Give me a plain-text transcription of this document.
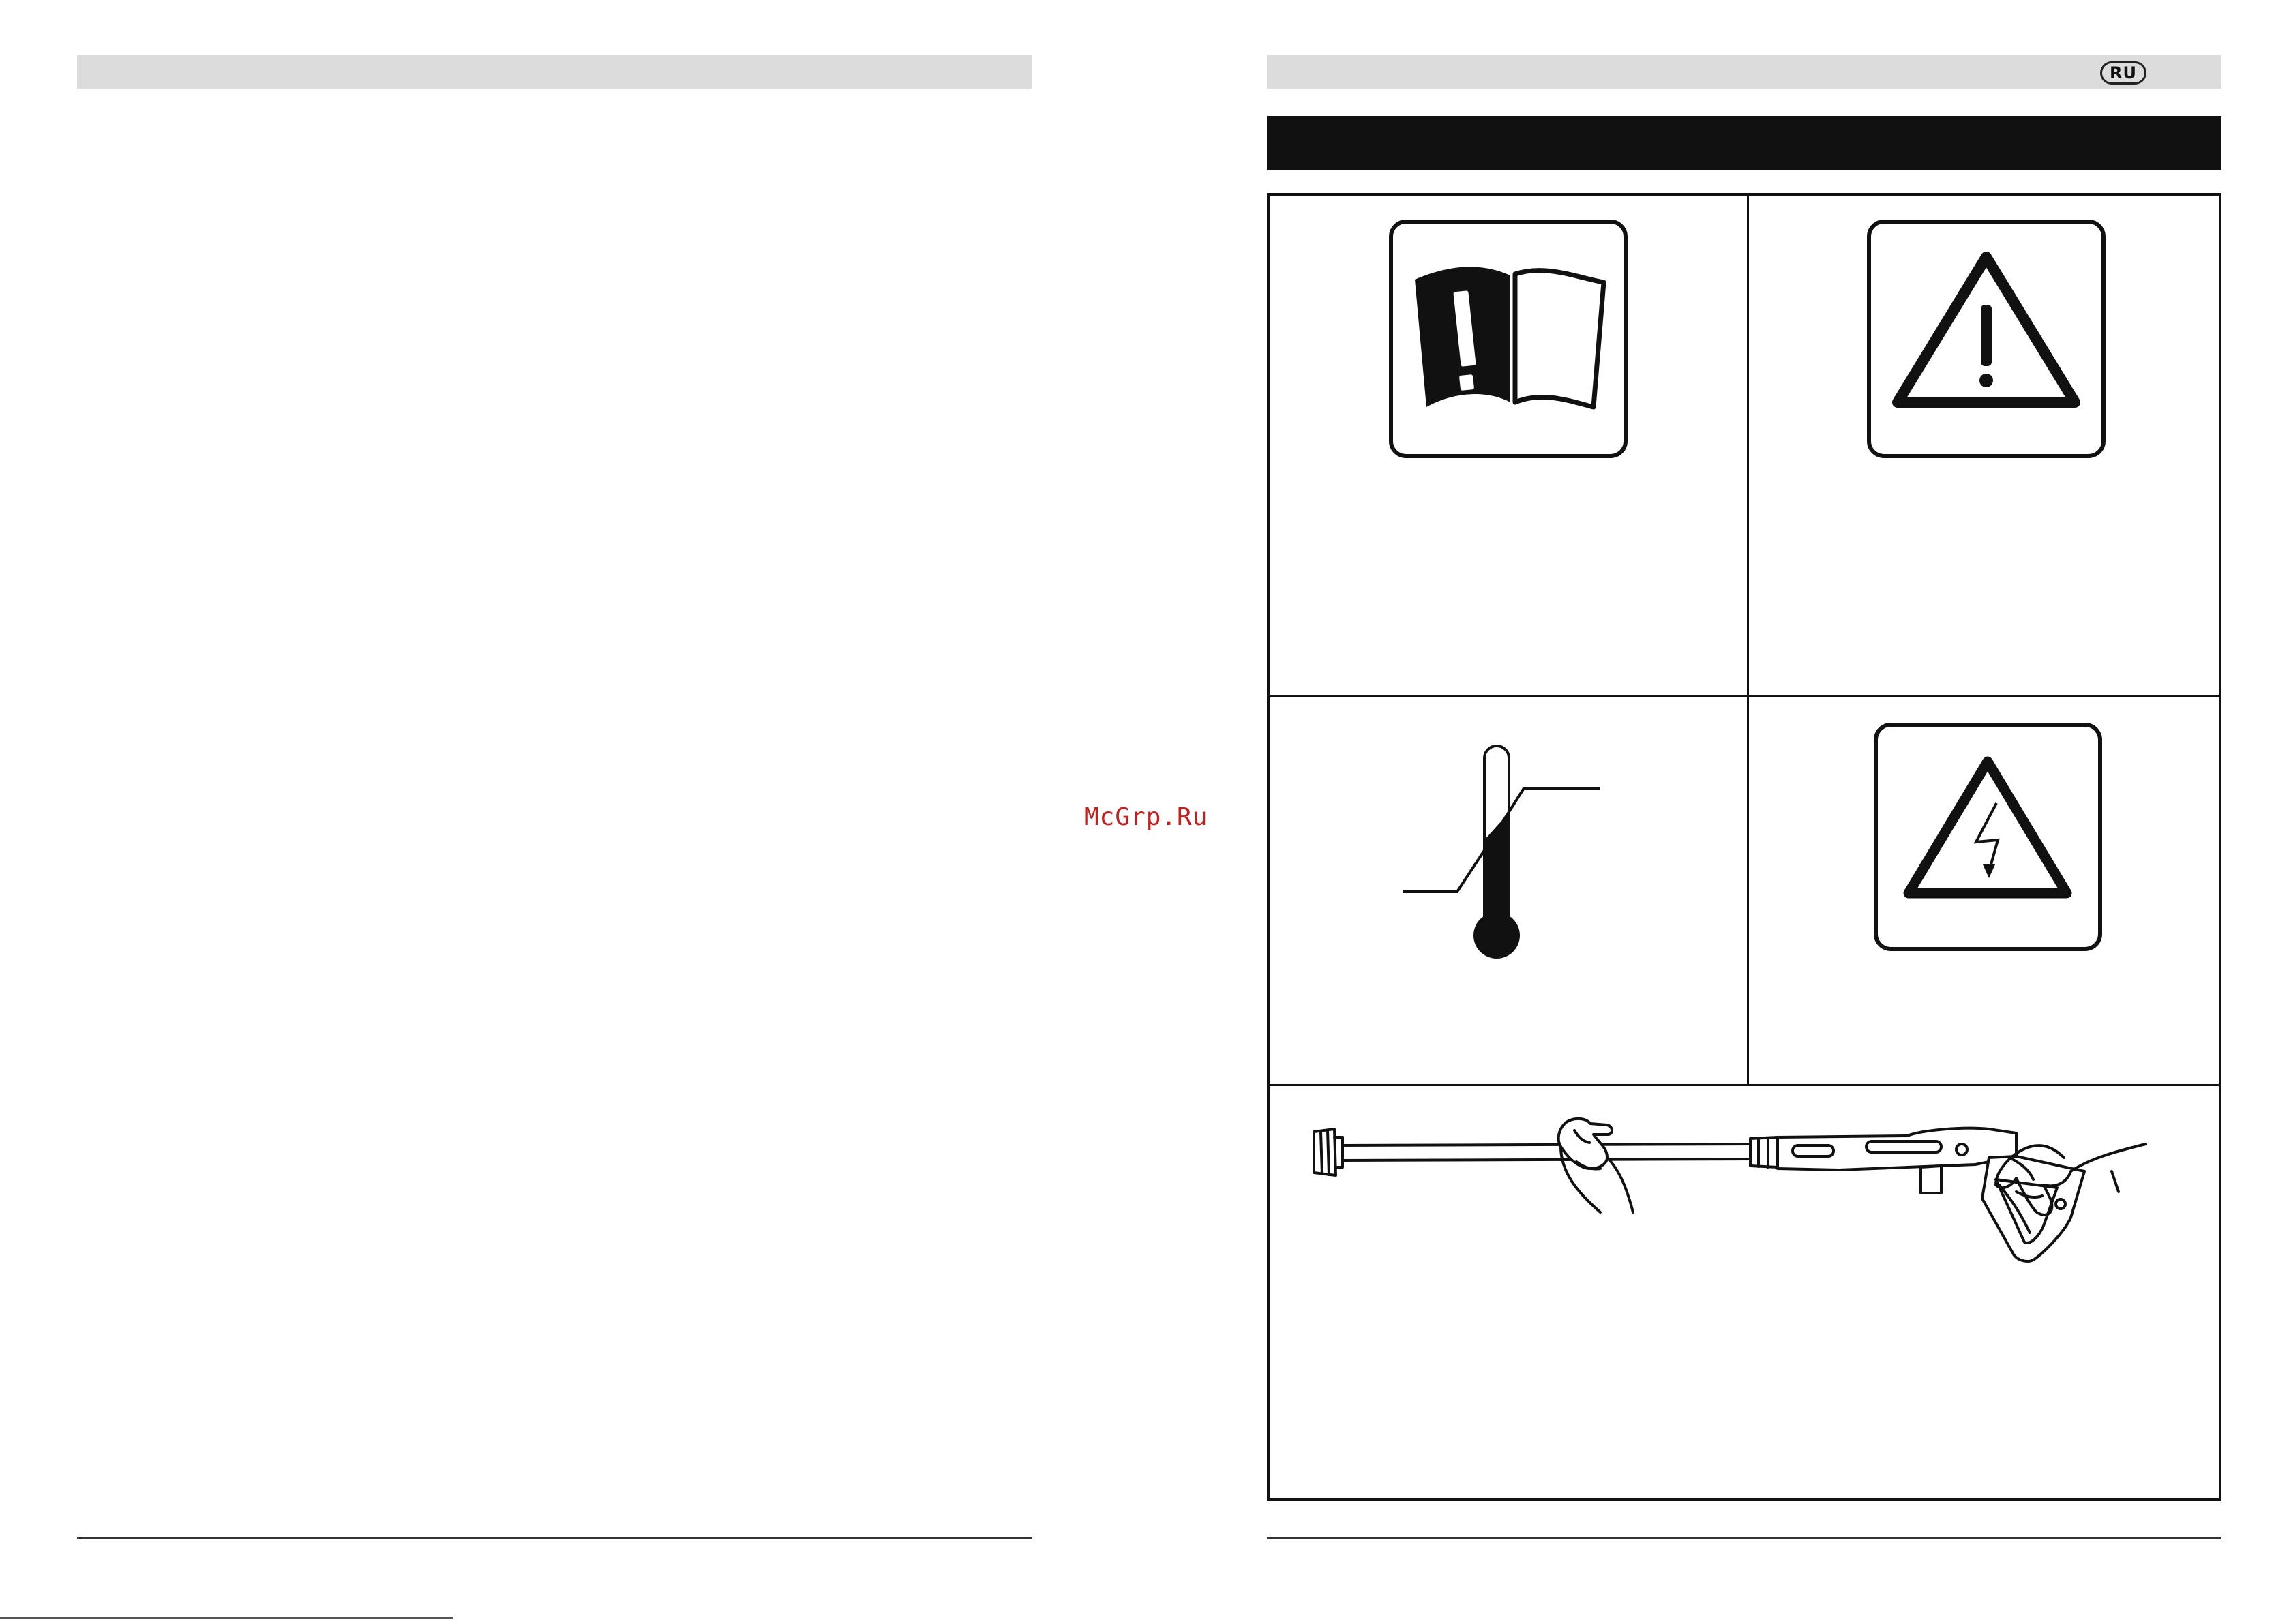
McGrp.Ru
RU
